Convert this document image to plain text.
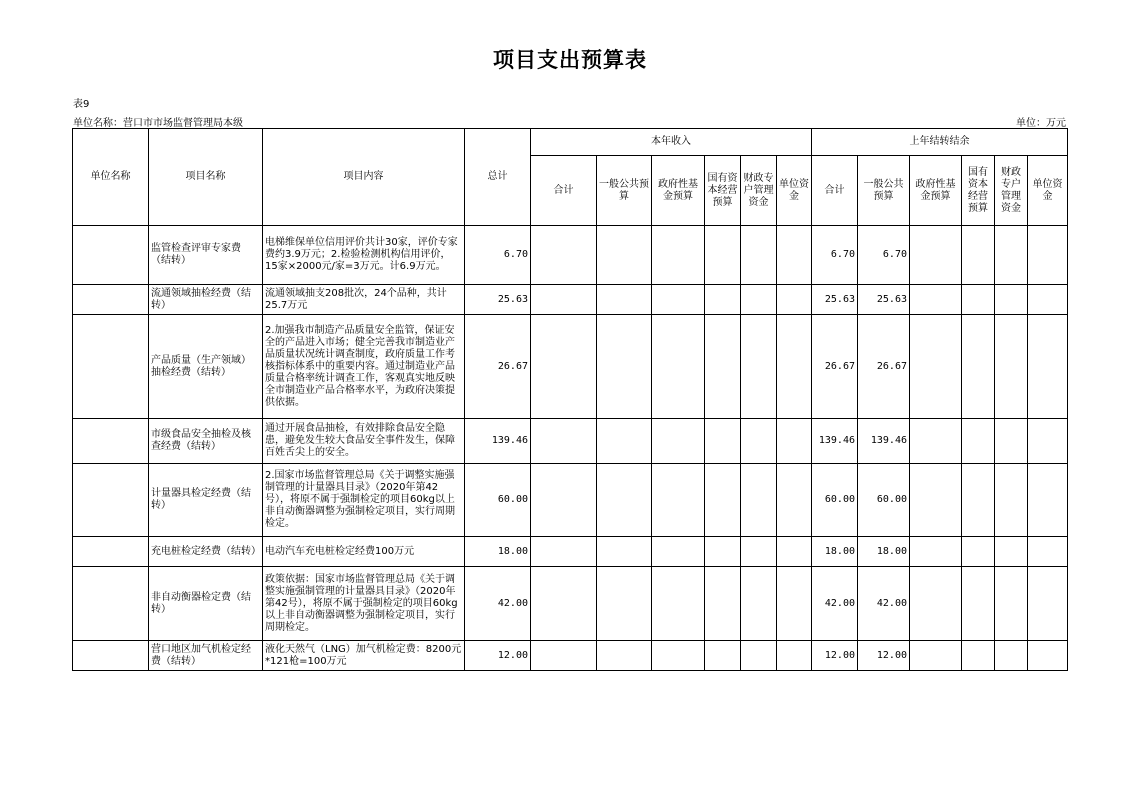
项目支出预算表
表9
单位名称：营口市市场监督管理局本级	单位：万元
单位名称	项目名称	项目内容	总计	本年收入						上年结转结余					
				合计	一般公共预算	政府性基金预算	国有资本经营预算	财政专户管理资金	单位资金	合计	一般公共预算	政府性基金预算	国有资本经营预算	财政专户管理资金	单位资金
	监管检查评审专家费（结转）	电梯维保单位信用评价共计30家，评价专家费约3.9万元；2.检验检测机构信用评价，15家×2000元/家=3万元。计6.9万元。	6.70							6.70	6.70				
	流通领域抽检经费（结转）	流通领域抽支208批次，24个品种，共计25.7万元	25.63							25.63	25.63				
	产品质量（生产领域）抽检经费（结转）	2.加强我市制造产品质量安全监管，保证安全的产品进入市场；健全完善我市制造业产品质量状况统计调查制度，政府质量工作考核指标体系中的重要内容。通过制造业产品质量合格率统计调查工作，客观真实地反映全市制造业产品合格率水平，为政府决策提供依据。	26.67							26.67	26.67				
	市级食品安全抽检及核查经费（结转）	通过开展食品抽检，有效排除食品安全隐患，避免发生较大食品安全事件发生，保障百姓舌尖上的安全。	139.46							139.46	139.46				
	计量器具检定经费（结转）	2.国家市场监督管理总局《关于调整实施强制管理的计量器具目录》（2020年第42号），将原不属于强制检定的项目60kg以上非自动衡器调整为强制检定项目，实行周期检定。	60.00							60.00	60.00				
	充电桩检定经费（结转）	电动汽车充电桩检定经费100万元	18.00							18.00	18.00				
	非自动衡器检定费（结转）	政策依据：国家市场监督管理总局《关于调整实施强制管理的计量器具目录》（2020年第42号），将原不属于强制检定的项目60kg以上非自动衡器调整为强制检定项目，实行周期检定。	42.00							42.00	42.00				
	营口地区加气机检定经费（结转）	液化天然气（LNG）加气机检定费：8200元*121枪=100万元	12.00							12.00	12.00				
